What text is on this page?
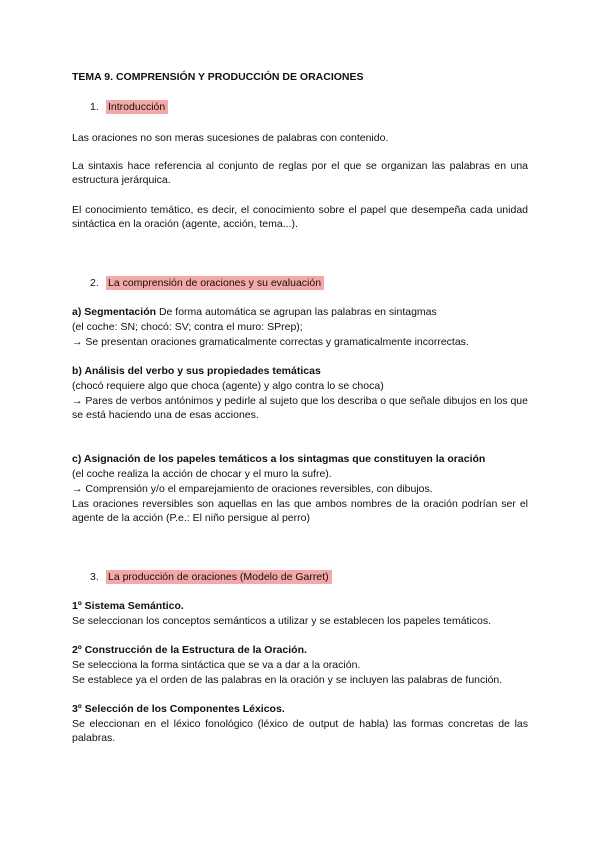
TEMA 9. COMPRENSIÓN Y PRODUCCIÓN DE ORACIONES
1. Introducción
Las oraciones no son meras sucesiones de palabras con contenido.
La sintaxis hace referencia al conjunto de reglas por el que se organizan las palabras en una estructura jerárquica.
El conocimiento temático, es decir, el conocimiento sobre el papel que desempeña cada unidad sintáctica en la oración (agente, acción, tema...).
2. La comprensión de oraciones y su evaluación
a) Segmentación De forma automática se agrupan las palabras en sintagmas
(el coche: SN; chocó: SV; contra el muro: SPrep);
→ Se presentan oraciones gramaticalmente correctas y gramaticalmente incorrectas.
b) Análisis del verbo y sus propiedades temáticas
(chocó requiere algo que choca (agente) y algo contra lo se choca)
→ Pares de verbos antónimos y pedirle al sujeto que los describa o que señale dibujos en los que se está haciendo una de esas acciones.
c) Asignación de los papeles temáticos a los sintagmas que constituyen la oración
(el coche realiza la acción de chocar y el muro la sufre).
→ Comprensión y/o el emparejamiento de oraciones reversibles, con dibujos.
Las oraciones reversibles son aquellas en las que ambos nombres de la oración podrían ser el agente de la acción (P.e.: El niño persigue al perro)
3. La producción de oraciones (Modelo de Garret)
1º Sistema Semántico.
Se seleccionan los conceptos semánticos a utilizar y se establecen los papeles temáticos.
2º Construcción de la Estructura de la Oración.
Se selecciona la forma sintáctica que se va a dar a la oración.
Se establece ya el orden de las palabras en la oración y se incluyen las palabras de función.
3º Selección de los Componentes Léxicos.
Se eleccionan en el léxico fonológico (léxico de output de habla) las formas concretas de las palabras.
